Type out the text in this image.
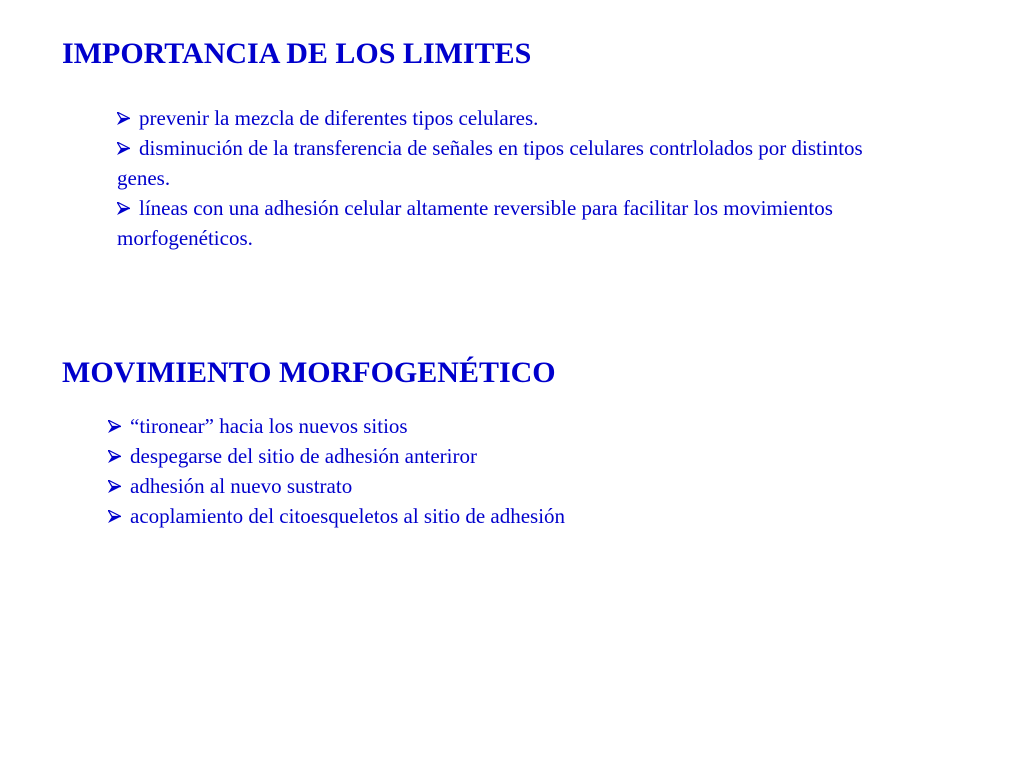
IMPORTANCIA DE LOS LIMITES
prevenir la mezcla de diferentes tipos celulares.
disminución de la transferencia de señales en tipos celulares contrlolados por distintos genes.
líneas con una adhesión celular altamente reversible para facilitar los movimientos morfogenéticos.
MOVIMIENTO MORFOGENÉTICO
“tironear” hacia los nuevos sitios
despegarse del sitio de adhesión anteriror
adhesión al nuevo sustrato
acoplamiento del citoesqueletos al sitio de adhesión
